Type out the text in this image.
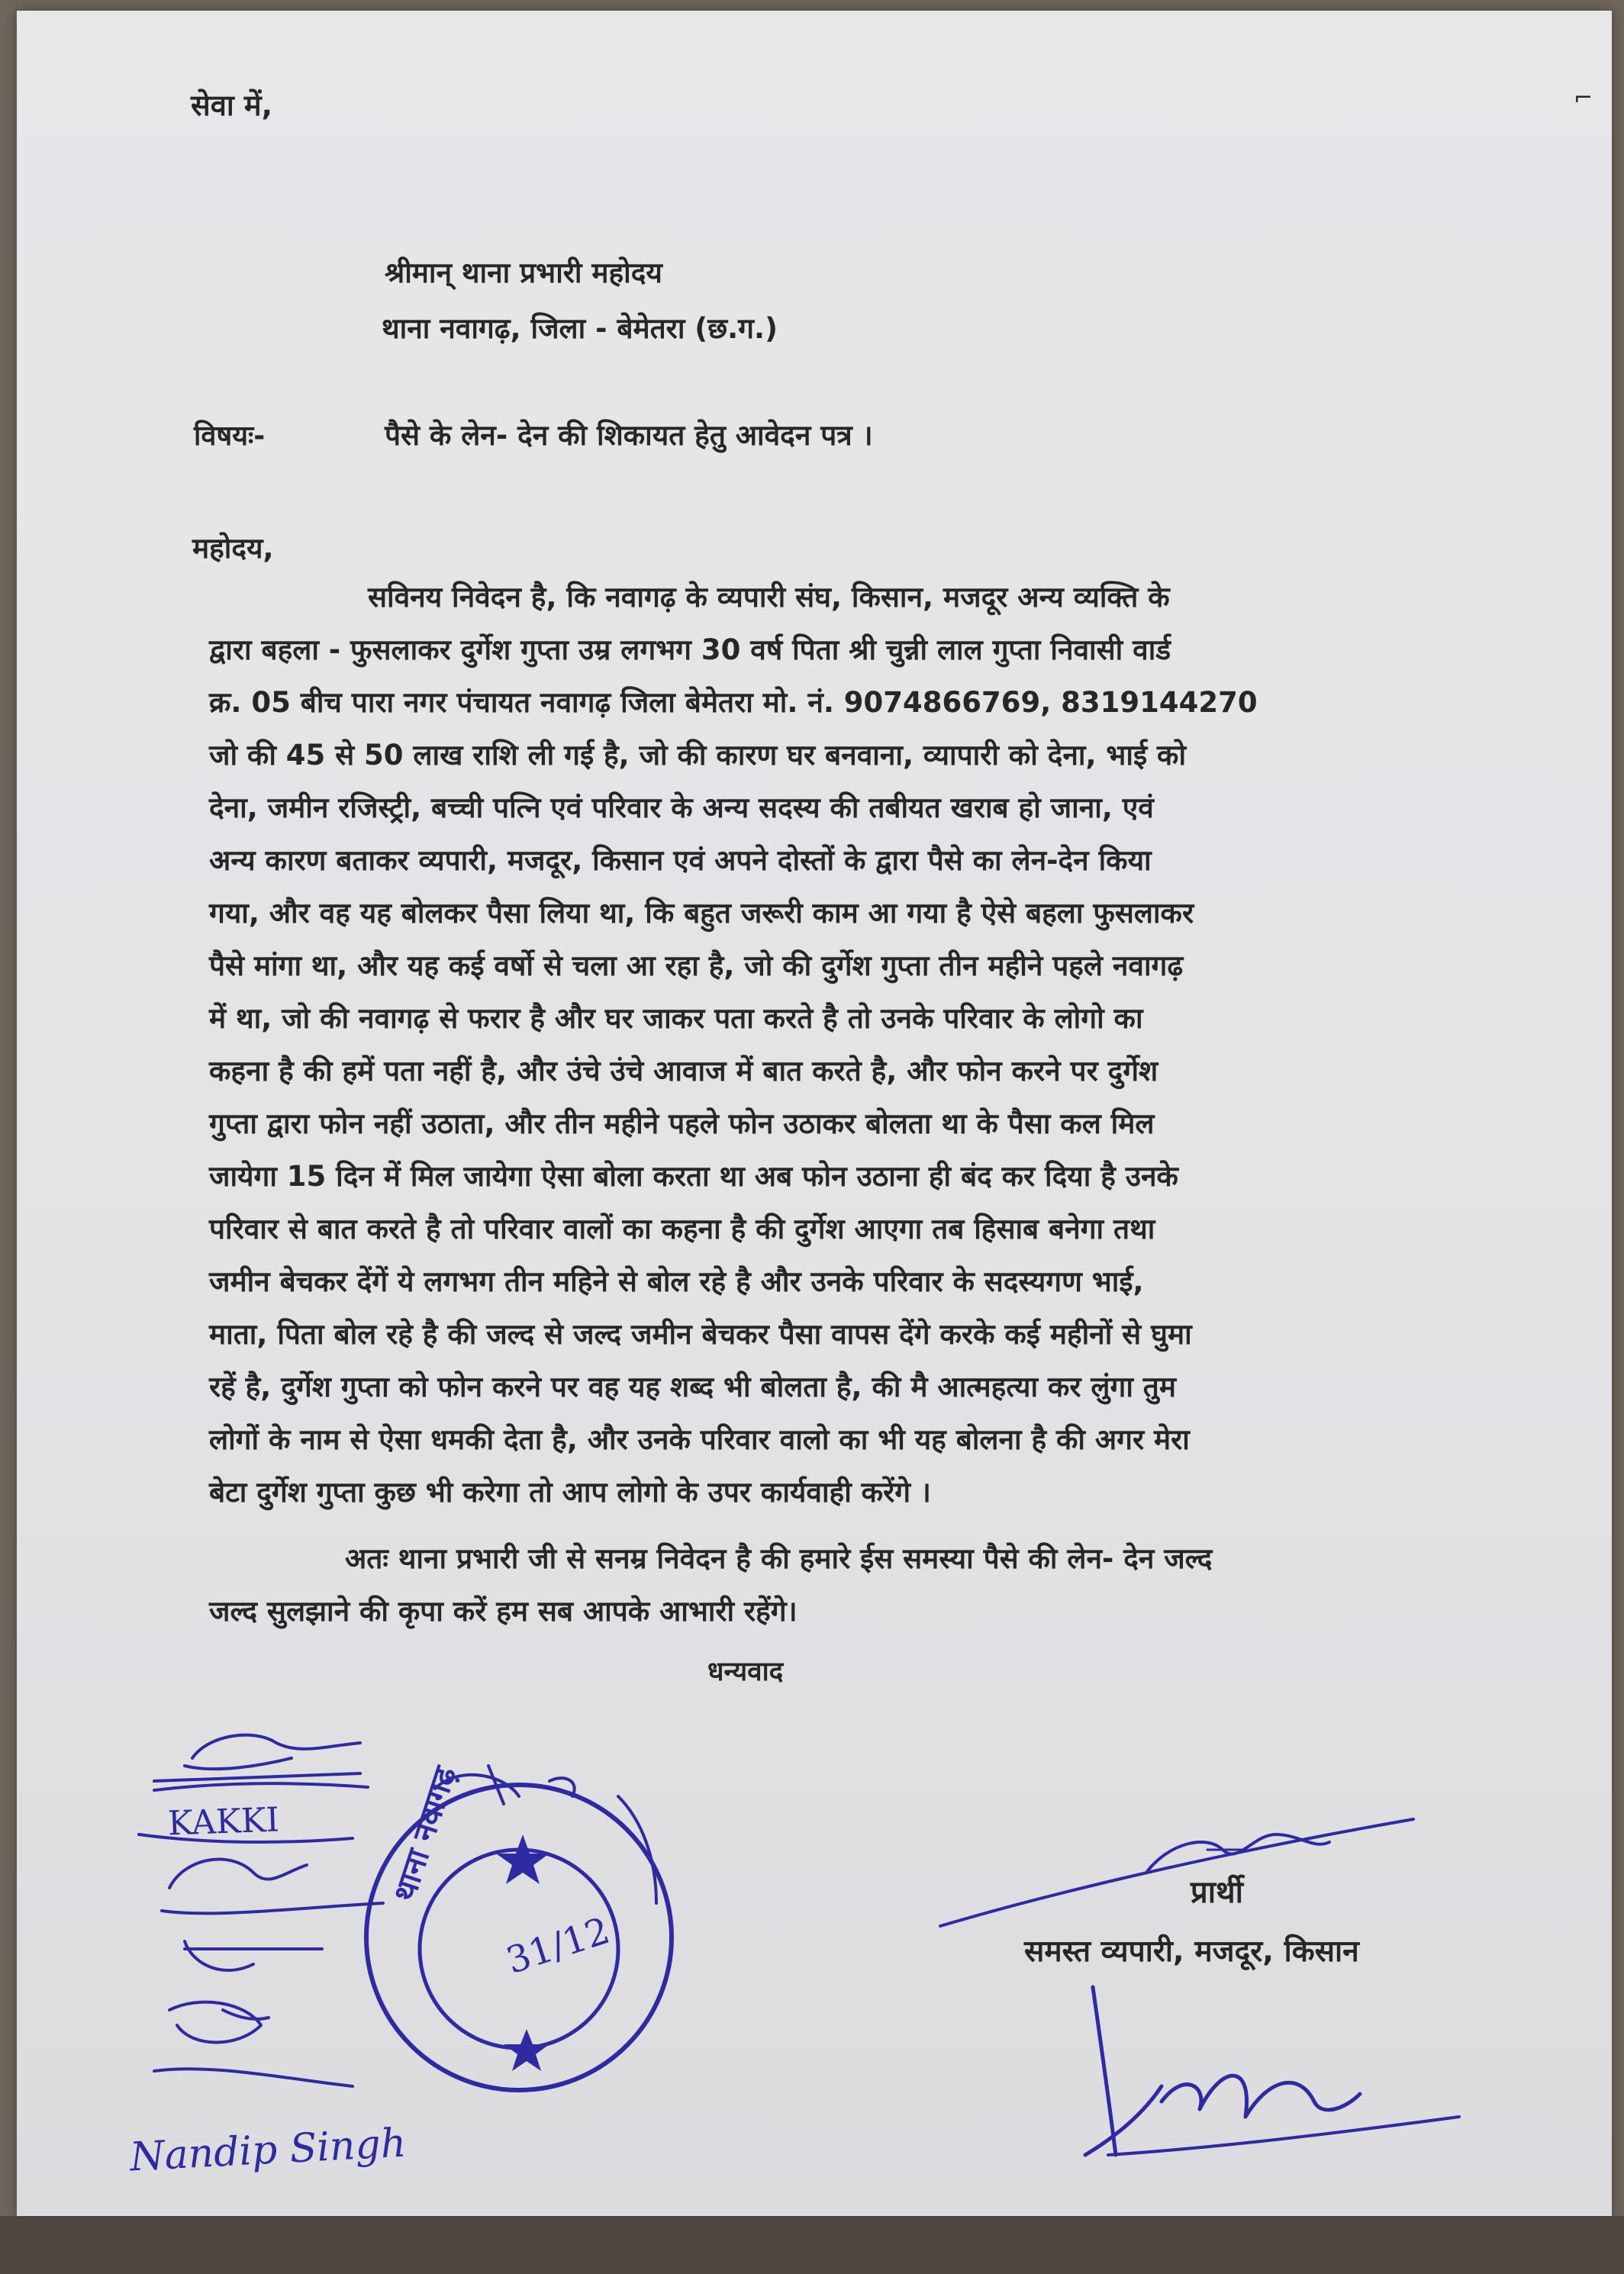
सेवा में,
श्रीमान् थाना प्रभारी महोदय
थाना नवागढ़, जिला - बेमेतरा (छ.ग.)
विषयः-	पैसे के लेन- देन की शिकायत हेतु आवेदन पत्र ।
महोदय,
सविनय निवेदन है, कि नवागढ़ के व्यपारी संघ, किसान, मजदूर अन्य व्यक्ति के
द्वारा बहला - फुसलाकर दुर्गेश गुप्ता उम्र लगभग 30 वर्ष पिता श्री चुन्नी लाल गुप्ता निवासी वार्ड
क्र. 05 बीच पारा नगर पंचायत नवागढ़ जिला बेमेतरा मो. नं. 9074866769, 8319144270
जो की 45 से 50 लाख राशि ली गई है, जो की कारण घर बनवाना, व्यापारी को देना, भाई को
देना, जमीन रजिस्ट्री, बच्ची पत्नि एवं परिवार के अन्य सदस्य की तबीयत खराब हो जाना, एवं
अन्य कारण बताकर व्यपारी, मजदूर, किसान एवं अपने दोस्तों के द्वारा पैसे का लेन-देन किया
गया, और वह यह बोलकर पैसा लिया था, कि बहुत जरूरी काम आ गया है ऐसे बहला फुसलाकर
पैसे मांगा था, और यह कई वर्षो से चला आ रहा है, जो की दुर्गेश गुप्ता तीन महीने पहले नवागढ़
में था, जो की नवागढ़ से फरार है और घर जाकर पता करते है तो उनके परिवार के लोगो का
कहना है की हमें पता नहीं है, और उंचे उंचे आवाज में बात करते है, और फोन करने पर दुर्गेश
गुप्ता द्वारा फोन नहीं उठाता, और तीन महीने पहले फोन उठाकर बोलता था के पैसा कल मिल
जायेगा 15 दिन में मिल जायेगा ऐसा बोला करता था अब फोन उठाना ही बंद कर दिया है उनके
परिवार से बात करते है तो परिवार वालों का कहना है की दुर्गेश आएगा तब हिसाब बनेगा तथा
जमीन बेचकर देंगें ये लगभग तीन महिने से बोल रहे है और उनके परिवार के सदस्यगण भाई,
माता, पिता बोल रहे है की जल्द से जल्द जमीन बेचकर पैसा वापस देंगे करके कई महीनों से घुमा
रहें है, दुर्गेश गुप्ता को फोन करने पर वह यह शब्द भी बोलता है, की मै आत्महत्या कर लुंगा तुम
लोगों के नाम से ऐसा धमकी देता है, और उनके परिवार वालो का भी यह बोलना है की अगर मेरा
बेटा दुर्गेश गुप्ता कुछ भी करेगा तो आप लोगो के उपर कार्यवाही करेंगे ।
अतः थाना प्रभारी जी से सनम्र निवेदन है की हमारे ईस समस्या पैसे की लेन- देन जल्द
जल्द सुलझाने की कृपा करें हम सब आपके आभारी रहेंगे।
धन्यवाद
प्रार्थी
समस्त व्यपारी, मजदूर, किसान
KAKKI
Nandip Singh
थाना नवागढ़
31/12
⌐
